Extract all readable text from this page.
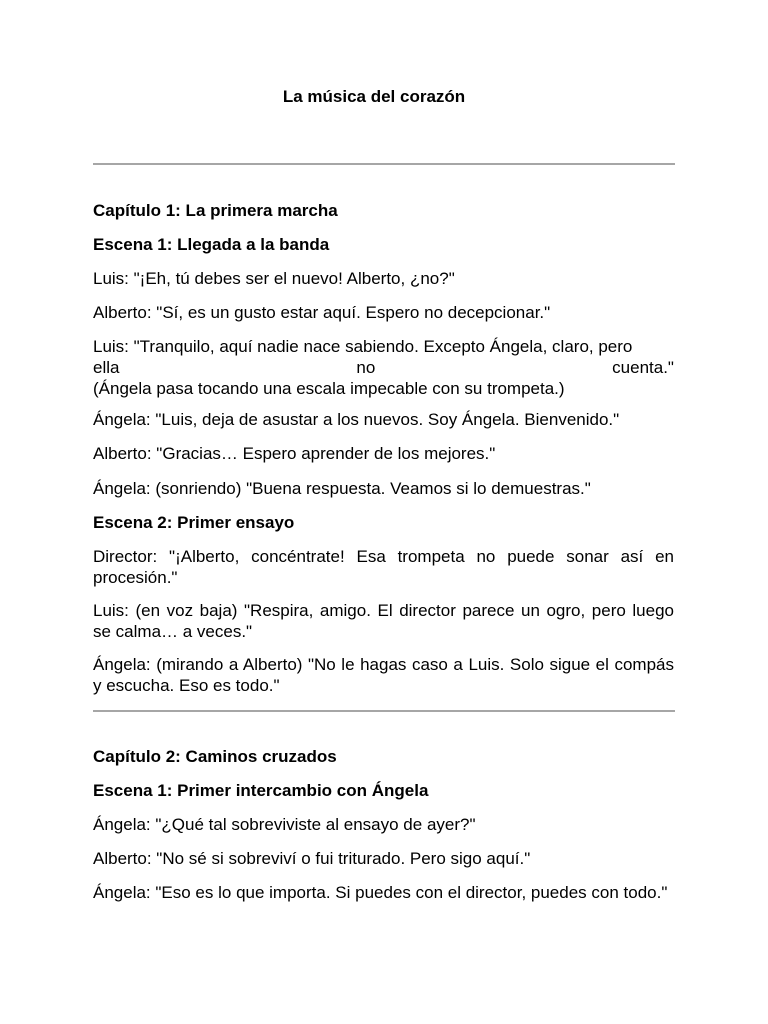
La música del corazón

Capítulo 1: La primera marcha

Escena 1: Llegada a la banda

Luis: "¡Eh, tú debes ser el nuevo! Alberto, ¿no?"

Alberto: "Sí, es un gusto estar aquí. Espero no decepcionar."

Luis: "Tranquilo, aquí nadie nace sabiendo. Excepto Ángela, claro, pero
ella	no	cuenta."
(Ángela pasa tocando una escala impecable con su trompeta.)

Ángela: "Luis, deja de asustar a los nuevos. Soy Ángela. Bienvenido."

Alberto: "Gracias… Espero aprender de los mejores."

Ángela: (sonriendo) "Buena respuesta. Veamos si lo demuestras."

Escena 2: Primer ensayo

Director: "¡Alberto, concéntrate! Esa trompeta no puede sonar así en procesión."

Luis: (en voz baja) "Respira, amigo. El director parece un ogro, pero luego se calma… a veces."

Ángela: (mirando a Alberto) "No le hagas caso a Luis. Solo sigue el compás y escucha. Eso es todo."

Capítulo 2: Caminos cruzados

Escena 1: Primer intercambio con Ángela

Ángela: "¿Qué tal sobreviviste al ensayo de ayer?"

Alberto: "No sé si sobreviví o fui triturado. Pero sigo aquí."

Ángela: "Eso es lo que importa. Si puedes con el director, puedes con todo."
